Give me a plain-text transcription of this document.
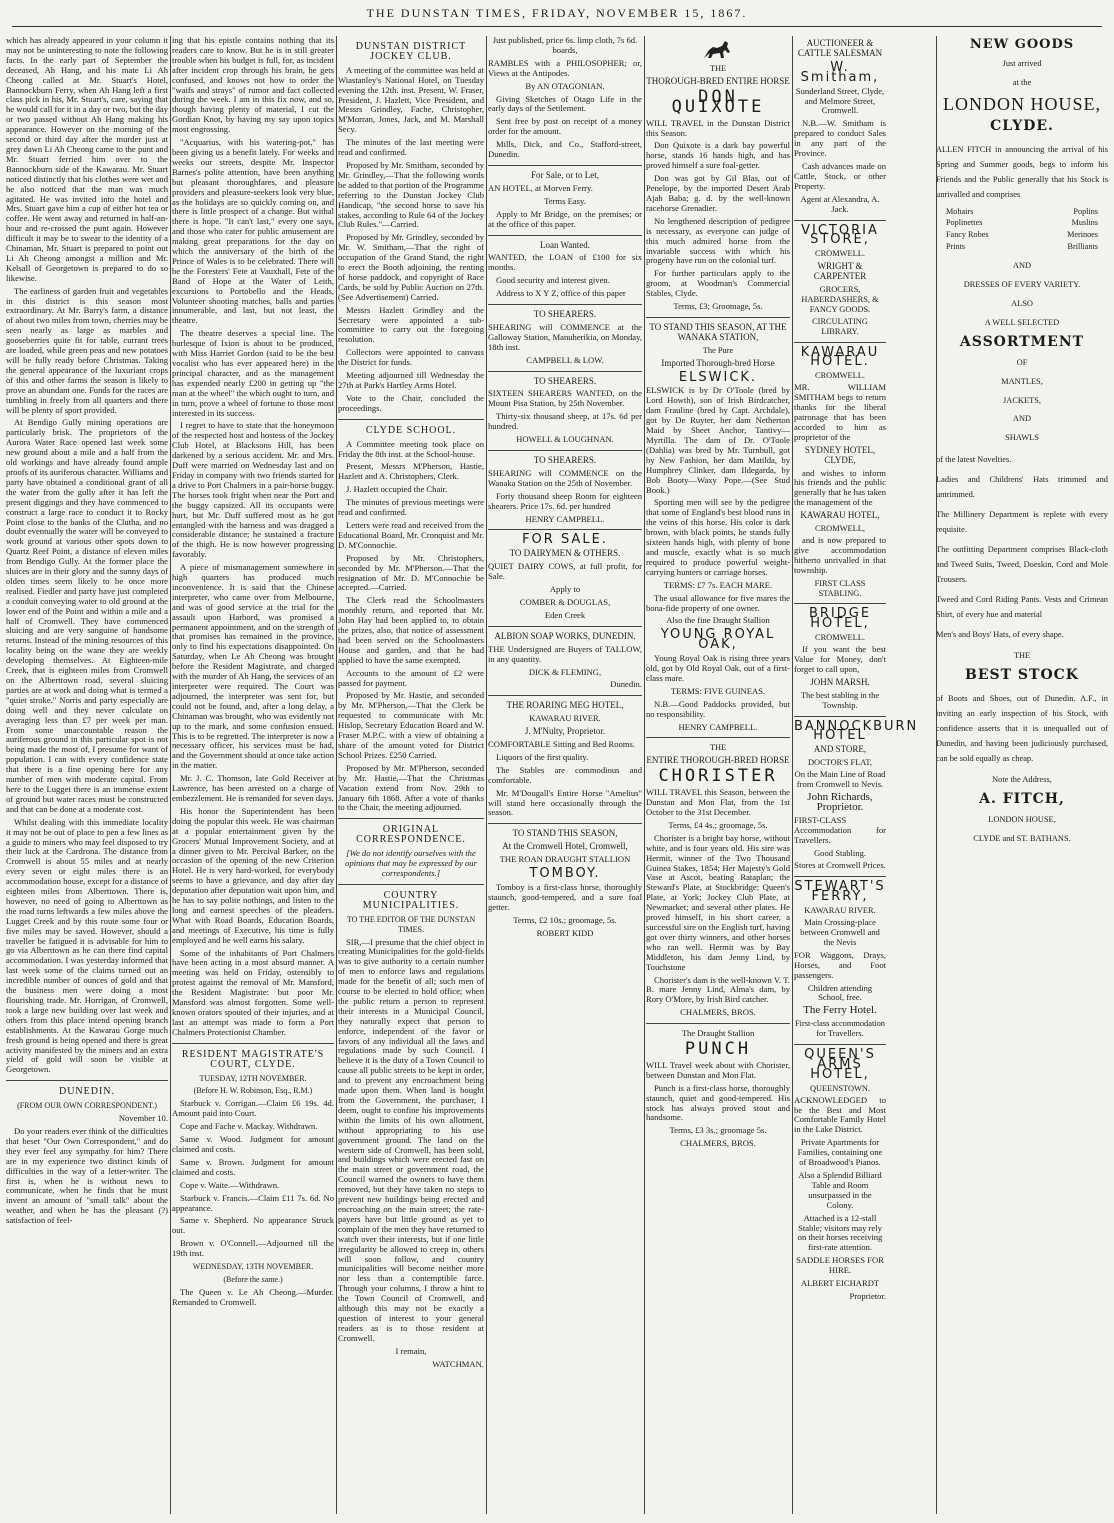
THE DUNSTAN TIMES, FRIDAY, NOVEMBER 15, 1867.

which has already appeared in your column it may not be uninteresting to note the following facts. In the early part of September the deceased, Ah Hang, and his mate Li Ah Cheong called at Mr. Stuart's Hotel, Bannockburn Ferry, when Ah Hang left a first class pick in his, Mr. Stuart's, care, saying that he would call for it in a day or two, but the day or two passed without Ah Hang making his appearance. However on the morning of the second or third day after the murder just at grey dawn Li Ah Cheong came to the punt and Mr. Stuart ferried him over to the Bannockburn side of the Kawarau. Mr. Stuart noticed distinctly that his clothes were wet and he also noticed that the man was much agitated. He was invited into the hotel and Mrs. Stuart gave him a cup of either hot tea or coffee. He went away and returned in half-an-hour and re-crossed the punt again. However difficult it may be to swear to the identity of a Chinaman, Mr. Stuart is prepared to point out Li Ah Cheong amongst a million and Mr. Kelsall of Georgetown is prepared to do so likewise.

The earliness of garden fruit and vegetables in this district is this season most extraordinary. At Mr. Barry's farm, a distance of about two miles from town, cherries may be seen nearly as large as marbles and gooseberries quite fit for table, currant trees are loaded, while green peas and new potatoes will be fully ready before Christmas. Taking the general appearance of the luxuriant crops of this and other farms the season is likely to prove an abundant one. Funds for the races are tumbling in freely from all quarters and there will be plenty of sport provided.

At Bendigo Gully mining operations are particularly brisk. The proprietors of the Aurora Water Race opened last week some new ground about a mile and a half from the old workings and have already found ample proofs of its auriferous character. Williams and party have obtained a conditional grant of all the water from the gully after it has left the present diggings and they have commenced to construct a large race to conduct it to Rocky Point close to the banks of the Clutha, and no doubt eventually the water will be conveyed to work ground at various other spots down to Quartz Reef Point, a distance of eleven miles from Bendigo Gully. At the former place the sluices are in their glory and the sunny days of olden times seem likely to be once more realised. Fiedler and party have just completed a conduit conveying water to old ground at the lower end of the Point and within a mile and a half of Cromwell. They have commenced sluicing and are very sanguine of handsome returns. Instead of the mining resources of this locality being on the wane they are weekly developing themselves. At Eighteen-mile Creek, that is eighteen miles from Cromwell on the Alberttown road, several sluicing parties are at work and doing what is termed a "quiet stroke." Norris and party especially are doing well and they never calculate on averaging less than £7 per week per man. From some unaccountable reason the auriferous ground in this particular spot is not being made the most of, I presume for want of population. I can with every confidence state that there is a fine opening here for any number of men with moderate capital. From here to the Lugget there is an immense extent of ground but water races must be constructed and that can be done at a moderate cost.

Whilst dealing with this immediate locality it may not be out of place to pen a few lines as a guide to miners who may feel disposed to try their luck at the Cardrona. The distance from Cromwell is about 55 miles and at nearly every seven or eight miles there is an accommodation house, except for a distance of eighteen miles from Alberttown. There is, however, no need of going to Alberttown as the road turns leftwards a few miles above the Lugget Creek and by this route some four or five miles may be saved. However, should a traveller be fatigued it is advisable for him to go via Alberttown as he can there find capital accommodation. I was yesterday informed that last week some of the claims turned out an incredible number of ounces of gold and that the business men were doing a most flourishing trade. Mr. Horrigan, of Cromwell, took a large new building over last week and others from this place intend opening branch establishments. At the Kawarau Gorge much fresh ground is being opened and there is great activity manifested by the miners and an extra yield of gold will soon be visible at Georgetown.

DUNEDIN.
(FROM OUR OWN CORRESPONDENT.)

November 10.

Do your readers ever think of the difficulties that beset "Our Own Correspondent," and do they ever feel any sympathy for him? There are in my experience two distinct kinds of difficulties in the way of a letter-writer. The first is, when he is without news to communicate, when he finds that he must invent an amount of "small talk" about the weather, and when he has the pleasant (?) satisfaction of feel-

ing that his epistle contains nothing that its readers care to know. But he is in still greater trouble when his budget is full, for, as incident after incident crop through his brain, he gets confused, and knows not how to order the "waifs and strays" of rumor and fact collected during the week. I am in this fix now, and so, though having plenty of material, I cut the Gordian Knot, by having my say upon topics most engrossing.

"Acquarius, with his watering-pot," has been giving us a benefit lately. For weeks and weeks our streets, despite Mr. Inspector Barnes's polite attention, have been anything but pleasant thoroughfares, and pleasure providers and pleasure-seekers look very blue, as the holidays are so quickly coming on, and there is little prospect of a change. But withal there is hope. "It can't last," every one says, and those who cater for public amusement are making great preparations for the day on which the anniversary of the birth of the Prince of Wales is to be celebrated. There will be the Foresters' Fete at Vauxhall, Fete of the Band of Hope at the Water of Leith, excursions to Portobello and the Heads, Volunteer shooting matches, balls and parties innumerable, and last, but not least, the theatre.

The theatre deserves a special line. The burlesque of Ixion is about to be produced, with Miss Harriet Gordon (said to be the best vocalist who has ever appeared here) in the principal character, and as the management has expended nearly £200 in getting up "the man at the wheel" the which ought to turn, and in turn, prove a wheel of fortune to those most interested in its success.

I regret to have to state that the honeymoon of the respected host and hostess of the Jockey Club Hotel, at Blacksons Hill, has been darkened by a serious accident. Mr. and Mrs. Duff were married on Wednesday last and on Friday in company with two friends started for a drive to Port Chalmers in a pair-horse buggy. The horses took fright when near the Port and the buggy capsized. All its occupants were hurt, but Mr. Duff suffered most as he got entangled with the harness and was dragged a considerable distance; he sustained a fracture of the thigh. He is now however progressing favorably.

A piece of mismanagement somewhere in high quarters has produced much inconvenience. It is said that the Chinese interpreter, who came over from Melbourne, and was of good service at the trial for the assault upon Harbord, was promised a permanent appointment, and on the strength of that promises has remained in the province, only to find his expectations disappointed. On Saturday, when Le Ah Cheong was brought before the Resident Magistrate, and charged with the murder of Ah Hang, the services of an interpreter were required. The Court was adjourned, the interpreter was sent for, but could not be found, and, after a long delay, a Chinaman was brought, who was evidently not up to the mark, and some confusion ensued. This is to be regretted. The interpreter is now a necessary officer, his services must be had, and the Government should at once take action in the matter.

Mr. J. C. Thomson, late Gold Receiver at Lawrence, has been arrested on a charge of embezzlement. He is remanded for seven days.

His honor the Superintendent has been doing the popular this week. He was chairman at a popular entertainment given by the Grocers' Mutual Improvement Society, and at a dinner given to Mr. Percival Barker, on the occasion of the opening of the new Criterion Hotel. He is very hard-worked, for everybody seems to have a grievance, and day after day deputation after deputation wait upon him, and he has to say polite nothings, and listen to the long and earnest speeches of the pleaders. What with Road Boards, Education Boards, and meetings of Executive, his time is fully employed and he well earns his salary.

Some of the inhabitants of Port Chalmers have been acting in a most absurd manner. A meeting was held on Friday, ostensibly to protest against the removal of Mr. Mansford, the Resident Magistrate: but poor Mr. Mansford was almost forgotten. Some well-known orators spouted of their injuries, and at last an attempt was made to form a Port Chalmers Protectionist Chamber.

RESIDENT MAGISTRATE'S COURT, CLYDE.
TUESDAY, 12TH NOVEMBER.
(Before H. W. Robinson, Esq., R.M.)

Starbuck v. Corrigan.—Claim £6 19s. 4d. Amount paid into Court.

Cope and Fache v. Mackay. Withdrawn.

Same v. Wood. Judgment for amount claimed and costs.

Same v. Brown. Judgment for amount claimed and costs.

Cope v. Waite.—Withdrawn.

Starbuck v. Francis.—Claim £11 7s. 6d. No appearance.

Same v. Shepherd. No appearance Struck out.

Brown v. O'Connell.—Adjourned till the 19th inst.

WEDNESDAY, 13TH NOVEMBER.
(Before the same.)

The Queen v. Le Ah Cheong.—Murder. Remanded to Cromwell.

DUNSTAN DISTRICT JOCKEY CLUB.

A meeting of the committee was held at Wiastanley's National Hotel, on Tuesday evening the 12th. inst. Present, W. Fraser, President, J. Hazlett, Vice President, and Messrs Grindley, Fache, Christopher, M'Morran, Jones, Jack, and M. Marshall Secy.

The minutes of the last meeting were read and confirmed.

Proposed by Mr. Smitham, seconded by Mr. Grindley,—That the following words be added to that portion of the Programme referring to the Dunstan Jockey Club Handicap, "the second horse to save his stakes, according to Rule 64 of the Jockey Club Rules."—Carried.

Proposed by Mr. Grindley, seconded by Mr. W. Smitham,—That the right of occupation of the Grand Stand, the right to erect the Booth adjoining, the renting of horse paddock, and copyright of Race Cards, be sold by Public Auction on 27th. (See Advertisement) Carried.

Messrs Hazlett Grindley and the Secretary were appointed a sub-committee to carry out the foregoing resolution.

Collectors were appointed to canvass the District for funds.

Meeting adjourned till Wednesday the 27th at Park's Hartley Arms Hotel.

Vote to the Chair, concluded the proceedings.

CLYDE SCHOOL.

A Committee meeting took place on Friday the 8th inst. at the School-house.

Present, Messrs M'Pherson, Hastie, Hazlett and A. Christophers, Clerk.

J. Hazlett occupied the Chair.

The minutes of previous meetings were read and confirmed.

Letters were read and received from the Educational Board, Mr. Cronquist and Mr. D. M'Connochie.

Proposed by Mr. Christophers, seconded by Mr. M'Pherson.—That the resignation of Mr. D. M'Connochie be accepted.—Carried.

The Clerk read the Schoolmasters monthly return, and reported that Mr. John Hay had been applied to, to obtain the prizes, also, that notice of assessment had been served on the Schoolmasters House and garden, and that he had applied to have the same exempted.

Accounts to the amount of £2 were passed for payment.

Proposed by Mr. Hastie, and seconded by Mr. M'Pherson,—That the Clerk be requested to communicate with Mr. Hislop, Secretary Education Board and W. Fraser M.P.C. with a view of obtaining a share of the amount voted for District School Prizes. £250 Carried.

Proposed by Mr. M'Pherson, seconded by Mr. Hastie,—That the Christmas Vacation extend from Nov. 29th to January 6th 1868. After a vote of thanks to the Chair, the meeting adjourned.

ORIGINAL CORRESPONDENCE.

[We do not identify ourselves with the opinions that may be expressed by our correspondents.]

COUNTRY MUNICIPALITIES.
TO THE EDITOR OF THE DUNSTAN TIMES.

SIR,—I presume that the chief object in creating Municipalities for the gold-fields was to give authority to a certain number of men to enforce laws and regulations made for the benefit of all; such men of course to be elected to hold office; when the public return a person to represent their interests in a Municipal Council, they naturally expect that person to enforce, independent of the favor or favors of any individual all the laws and regulations made by such Council. I believe it is the duty of a Town Council to cause all public streets to be kept in order, and to prevent any encroachment being made upon them. When land is bought from the Government, the purchaser, I deem, ought to confine his improvements within the limits of his own allotment, without appropriating to his use government ground. The land on the western side of Cromwell, has been sold, and buildings which were erected fast on the main street or government road, the Council warned the owners to have them removed, but they have taken no steps to prevent new buildings being erected and encroaching on the main street; the rate-payers have but little ground as yet to complain of the men they have returned to watch over their interests, but if one little irregularity be allowed to creep in, others will soon follow, and country municipalities will become neither more nor less than a contemptible farce. Through your columns, I throw a hint to the Town Council of Cromwell, and although this may not be exactly a question of interest to your general readers as is to those resident at Cromwell.

I remain,

WATCHMAN.

Just published, price 6s. limp cloth, 7s 6d. boards,

RAMBLES with a PHILOSOPHER; or, Views at the Antipodes.

By AN OTAGONIAN.

Giving Sketches of Otago Life in the early days of the Settlement.

Sent free by post on receipt of a money order for the amount.

Mills, Dick, and Co., Stafford-street, Dunedin.

For Sale, or to Let,

AN HOTEL, at Morven Ferry.

Terms Easy.

Apply to Mr Bridge, on the premises; or at the office of this paper.

Loan Wanted.

WANTED, the LOAN of £100 for six months.

Good security and interest given.

Address to X Y Z, office of this paper

TO SHEARERS.

SHEARING will COMMENCE at the Galloway Station, Manuherikia, on Monday, 18th inst.

CAMPBELL & LOW.

TO SHEARERS.

SIXTEEN SHEARERS WANTED, on the Mount Pisa Station, by 25th November.

Thirty-six thousand sheep, at 17s. 6d per hundred.

HOWELL & LOUGHNAN.

TO SHEARERS.

SHEARING will COMMENCE on the Wanaka Station on the 25th of November.

Forty thousand sheep Room for eighteen shearers. Price 17s. 6d. per hundred

HENRY CAMPBELL.

FOR SALE.
TO DAIRYMEN & OTHERS.

QUIET DAIRY COWS, at full profit, for Sale.

Apply to

COMBER & DOUGLAS,

Eden Creek

ALBION SOAP WORKS, DUNEDIN.

THE Undersigned are Buyers of TALLOW, in any quantity.

DICK & FLEMING,

Dunedin.

THE ROARING MEG HOTEL,
KAWARAU RIVER.
J. M'Nulty, Proprietor.

COMFORTABLE Sitting and Bed Rooms.

Liquors of the first quality.

The Stables are commodious and comfortable.

Mr. M'Dougall's Entire Horse "Amelius" will stand here occasionally through the season.

TO STAND THIS SEASON,
At the Cromwell Hotel, Cromwell,

THE ROAN DRAUGHT STALLION

TOMBOY.

Tomboy is a first-class horse, thoroughly staunch, good-tempered, and a sure foal getter.

Terms, £2 10s.; groomage, 5s.

ROBERT KIDD

THE
THOROUGH-BRED ENTIRE HORSE
DON QUIXOTE

WILL TRAVEL in the Dunstan District this Season.

Don Quixote is a dark bay powerful horse, stands 16 hands high, and has proved himself a sure foal-getter.

Don was got by Gil Blas, out of Penelope, by the imported Desert Arab Ajah Baba; g. d. by the well-known racehorse Grenadier.

No lengthened description of pedigree is necessary, as everyone can judge of this much admired horse from the invariable success with which his progeny have run on the colonial turf.

For further particulars apply to the groom, at Woodman's Commercial Stables, Clyde.

Terms, £3; Groomage, 5s.

TO STAND THIS SEASON, AT THE WANAKA STATION,
The Pure
Imported Thorough-bred Horse
ELSWICK.

ELSWICK is by Dr O'Toole (bred by Lord Howth), son of Irish Birdcatcher, dam Frauline (bred by Capt. Archdale), got by De Ruyter, her dam Netherton Maid by Sheet Anchor, Tantivy—Myrtilla. The dam of Dr. O'Toole (Dahlia) was bred by Mr. Turnbull, got by New Fashion, her dam Matilda, by Humphrey Clinker, dam Ildegarda, by Bob Booty—Waxy Pope.—(See Stud Book.)

Sporting men will see by the pedigree that some of England's best blood runs in the veins of this horse. His color is dark brown, with black points, he stands fully sixteen hands high, with plenty of bone and muscle, exactly what is so much required to produce powerful weight-carrying hunters or carriage horses.

TERMS: £7 7s. EACH MARE.

The usual allowance for five mares the bona-fide property of one owner.

Also the fine Draught Stallion

YOUNG ROYAL OAK,

Young Royal Oak is rising three years old, got by Old Royal Oak, out of a first-class mare.

TERMS: FIVE GUINEAS.

N.B.—Good Paddocks provided, but no responsibility.

HENRY CAMPBELL.

THE
ENTIRE THOROUGH-BRED HORSE
CHORISTER

WILL TRAVEL this Season, between the Dunstan and Mon Flat, from the 1st October to the 31st December.

Terms, £4 4s.; groomage, 5s.

Chorister is a bright bay horse, without white, and is four years old. His sire was Hermit, winner of the Two Thousand Guinea Stakes, 1854; Her Majesty's Gold Vase at Ascot, beating Rataplan; the Steward's Plate, at Stockbridge; Queen's Plate, at York; Jockey Club Plate, at Newmarket; and several other plates. He proved himself, in his short career, a successful sire on the English turf, having got over thirty winners, and other horses who ran well. Hermit was by Bay Middleton, his dam Jenny Lind, by Touchstone

Chorister's dam is the well-known V. T. B. mare Jenny Lind, Alma's dam, by Rory O'More, by Irish Bird catcher.

CHALMERS, BROS.

The Draught Stallion

PUNCH

WILL Travel week about with Chorister, between Dunstan and Mon Flat.

Punch is a first-class horse, thoroughly staunch, quiet and good-tempered. His stock has always proved stout and handsome.

Terms, £3 3s.; groomage 5s.

CHALMERS, BROS.

AUCTIONEER & CATTLE SALESMAN
W. Smitham,

Sunderland Street, Clyde, and Melmore Street, Cromwell.

N.B.—W. Smitham is prepared to conduct Sales in any part of the Province.

Cash advances made on Cattle, Stock, or other Property.

Agent at Alexandra, A. Jack.

VICTORIA STORE,
CROMWELL.
WRIGHT & CARPENTER
GROCERS, HABERDASHERS, & FANCY GOODS.
CIRCULATING LIBRARY.
KAWARAU HOTEL.
CROMWELL.

MR. WILLIAM SMITHAM begs to return thanks for the liberal patronage that has been accorded to him as proprietor of the

SYDNEY HOTEL, CLYDE,

and wishes to inform his friends and the public generally that he has taken the management of the

KAWARAU HOTEL,
CROMWELL,

and is now prepared to give accommodation hitherto unrivalled in that township.

FIRST CLASS STABLING.
BRIDGE HOTEL,
CROMWELL.

If you want the best Value for Money, don't forget to call upon,

JOHN MARSH.
The best stabling in the Township.
BANNOCKBURN HOTEL
AND STORE,
DOCTOR'S FLAT,

On the Main Line of Road from Cromwell to Nevis.

John Richards, Proprietor.

FIRST-CLASS Accommodation for Travellers.

Good Stabling.

Stores at Cromwell Prices.

STEWART'S FERRY,
KAWARAU RIVER.

Main Crossing-place between Cromwell and the Nevis

FOR Waggons, Drays, Horses, and Foot passengers.

Children attending School, free.

The Ferry Hotel.
First-class accommodation for Travellers.
QUEEN'S ARMS HOTEL,
QUEENSTOWN.

ACKNOWLEDGED to be the Best and Most Comfortable Family Hotel in the Lake District.

Private Apartments for Families, containing one of Broadwood's Pianos.

Also a Splendid Billiard Table and Room unsurpassed in the Colony.

Attached is a 12-stall Stable; visitors may rely on their horses receiving first-rate attention.

SADDLE HORSES FOR HIRE.

ALBERT EICHARDT

Proprietor.

NEW GOODS
Just arrived
at the
LONDON HOUSE,
CLYDE.
ALLEN FITCH in announcing the arrival of his Spring and Summer goods, begs to inform his Friends and the Public generally that his Stock is unrivalled and comprises
Mohairs	Poplins
Poplinettes	Muslins
Fancy Robes	Merinoes
Prints	Brilliants
AND
DRESSES OF EVERY VARIETY.
ALSO
A WELL SELECTED
ASSORTMENT
OF
MANTLES,
JACKETS,
AND
SHAWLS
of the latest Novelties.
Ladies and Childrens' Hats trimmed and untrimmed.
The Millinery Department is replete with every requisite.
The outfitting Department comprises Black-cloth and Tweed Suits, Tweed, Doeskin, Cord and Mole Trousers.
Tweed and Cord Riding Pants. Vests and Crimean Shirt, of every hue and material
Men's and Boys' Hats, of every shape.
THE
BEST STOCK
of Boots and Shoes, out of Dunedin. A.F., in inviting an early inspection of his Stock, with confidence asserts that it is unequalled out of Dunedin, and having been judiciously purchased, can be sold equally as cheap.
Note the Address,
A. FITCH,
LONDON HOUSE,
CLYDE and ST. BATHANS.
